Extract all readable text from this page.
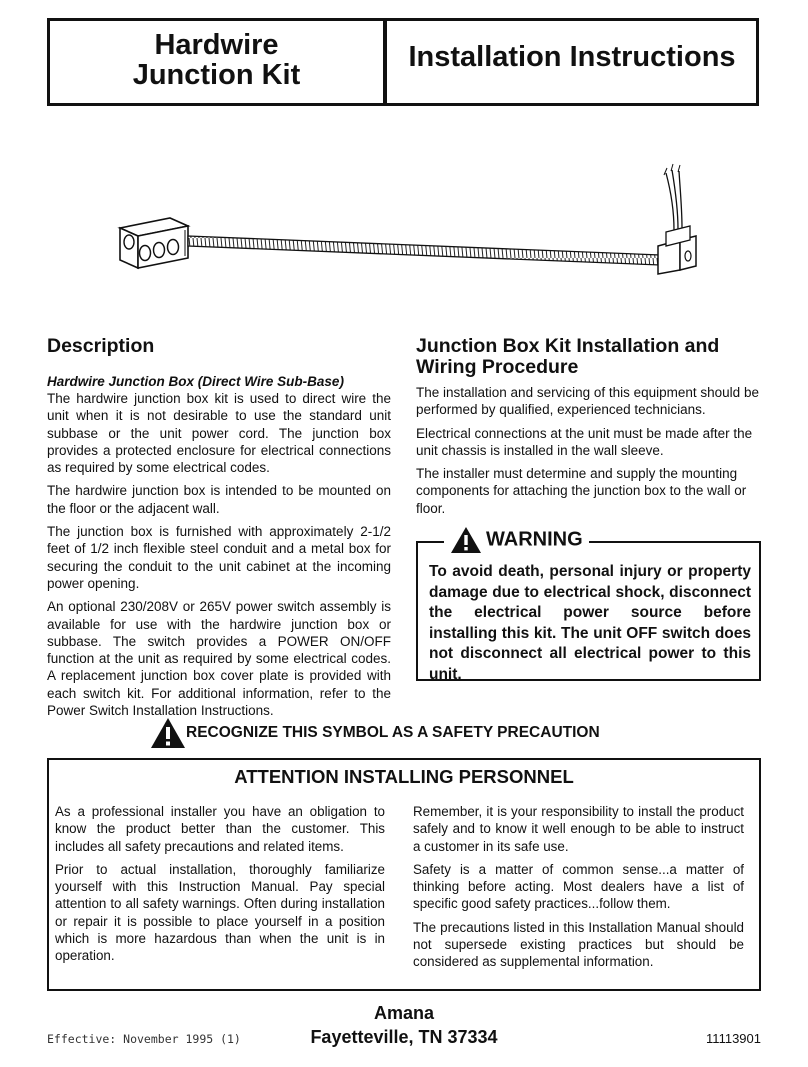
Hardwire
Junction Kit
Installation Instructions
Description
Hardwire Junction Box (Direct Wire Sub-Base)

The hardwire junction box kit is used to direct wire the unit when it is not desirable to use the standard unit subbase or the unit power cord. The junction box provides a protected enclosure for electrical connections as required by some electrical codes.

The hardwire junction box is intended to be mounted on the floor or the adjacent wall.

The junction box is furnished with approximately 2-1/2 feet of 1/2 inch flexible steel conduit and a metal box for securing the conduit to the unit cabinet at the incoming power opening.

An optional 230/208V or 265V power switch assembly is available for use with the hardwire junction box or subbase. The switch provides a POWER ON/OFF function at the unit as required by some electrical codes. A replacement junction box cover plate is provided with each switch kit. For additional information, refer to the Power Switch Installation Instructions.

Junction Box Kit Installation and
Wiring Procedure

The installation and servicing of this equipment should be performed by qualified, experienced technicians.

Electrical connections at the unit must be made after the unit chassis is installed in the wall sleeve.

The installer must determine and supply the mounting components for attaching the junction box to the wall or floor.

WARNING
To avoid death, personal injury or property damage due to electrical shock, disconnect the electrical power source before installing this kit. The unit OFF switch does not disconnect all electrical power to this unit.
RECOGNIZE THIS SYMBOL AS A SAFETY PRECAUTION
ATTENTION INSTALLING PERSONNEL

As a professional installer you have an obligation to know the product better than the customer. This includes all safety precautions and related items.

Prior to actual installation, thoroughly familiarize yourself with this Instruction Manual. Pay special attention to all safety warnings. Often during installation or repair it is possible to place yourself in a position which is more hazardous than when the unit is in operation.

Remember, it is your responsibility to install the product safely and to know it well enough to be able to instruct a customer in its safe use.

Safety is a matter of common sense...a matter of thinking before acting. Most dealers have a list of specific good safety practices...follow them.

The precautions listed in this Installation Manual should not supersede existing practices but should be considered as supplemental information.

Amana
Fayetteville, TN 37334
Effective: November 1995 (1)	11113901
